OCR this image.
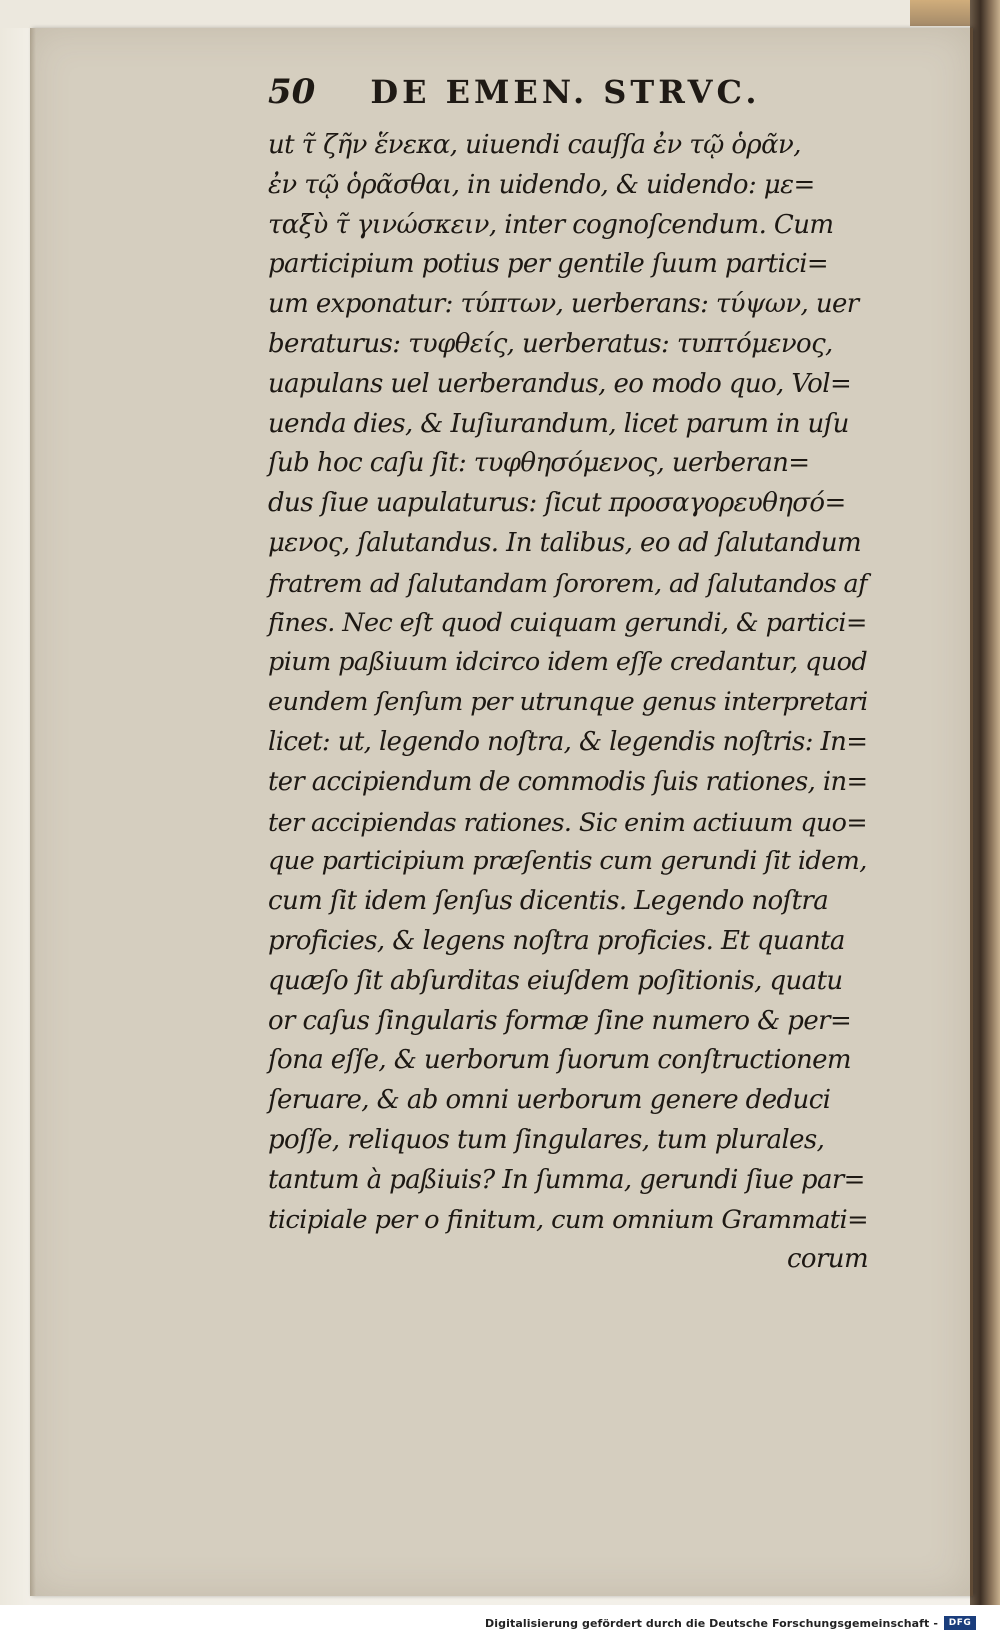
50 DE EMEN. STRVC.
ut τ̃ ζῆν ἕνεκα, uiuendi cauſſa ἐν τῷ ὁρᾶν,
ἐν τῷ ὁρᾶσθαι, in uidendo, & uidendo: με=
ταξὺ τ̃ γινώσκειν, inter cognoſcendum. Cum
participium potius per gentile ſuum partici=
um exponatur: τύπτων, uerberans: τύψων, uer
beraturus: τυφθείς, uerberatus: τυπτόμενος,
uapulans uel uerberandus, eo modo quo, Vol=
uenda dies, & Iuſiurandum, licet parum in uſu
ſub hoc caſu ſit: τυφθησόμενος, uerberan=
dus ſiue uapulaturus: ſicut προσαγορευθησό=
μενος, ſalutandus. In talibus, eo ad ſalutandum
fratrem ad ſalutandam ſororem, ad ſalutandos af
fines. Nec eſt quod cuiquam gerundi, & partici=
pium paßiuum idcirco idem eſſe credantur, quod
eundem ſenſum per utrunque genus interpretari
licet: ut, legendo noſtra, & legendis noſtris: In=
ter accipiendum de commodis ſuis rationes, in=
ter accipiendas rationes. Sic enim actiuum quo=
que participium præſentis cum gerundi ſit idem,
cum ſit idem ſenſus dicentis. Legendo noſtra
proficies, & legens noſtra proficies. Et quanta
quæſo ſit abſurditas eiuſdem poſitionis, quatu
or caſus ſingularis formæ ſine numero & per=
ſona eſſe, & uerborum ſuorum conſtructionem
ſeruare, & ab omni uerborum genere deduci
poſſe, reliquos tum ſingulares, tum plurales,
tantum à paßiuis? In ſumma, gerundi ſiue par=
ticipiale per o finitum, cum omnium Grammati=
corum
Digitalisierung gefördert durch die Deutsche Forschungsgemeinschaft -	DFG
